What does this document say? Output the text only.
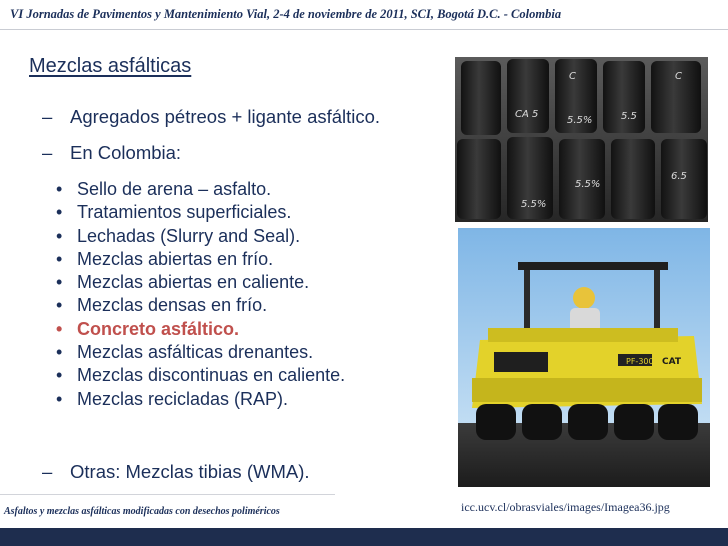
VI Jornadas de Pavimentos y Mantenimiento Vial, 2-4 de noviembre de 2011, SCI, Bogotá D.C. - Colombia
Mezclas asfálticas
– Agregados pétreos + ligante asfáltico.
– En Colombia:
• Sello de arena – asfalto.
• Tratamientos superficiales.
• Lechadas (Slurry and Seal).
• Mezclas abiertas en frío.
• Mezclas abiertas en caliente.
• Mezclas densas en frío.
• Concreto asfáltico.
• Mezclas asfálticas drenantes.
• Mezclas discontinuas en caliente.
• Mezclas recicladas (RAP).
– Otras: Mezclas tibias (WMA).
C	C
CA 5
5.5%	5.5
5.5%
5.5%
6.5
PF-300B CAT
icc.ucv.cl/obrasviales/images/Imagea36.jpg
Asfaltos y mezclas asfálticas modificadas con desechos poliméricos
